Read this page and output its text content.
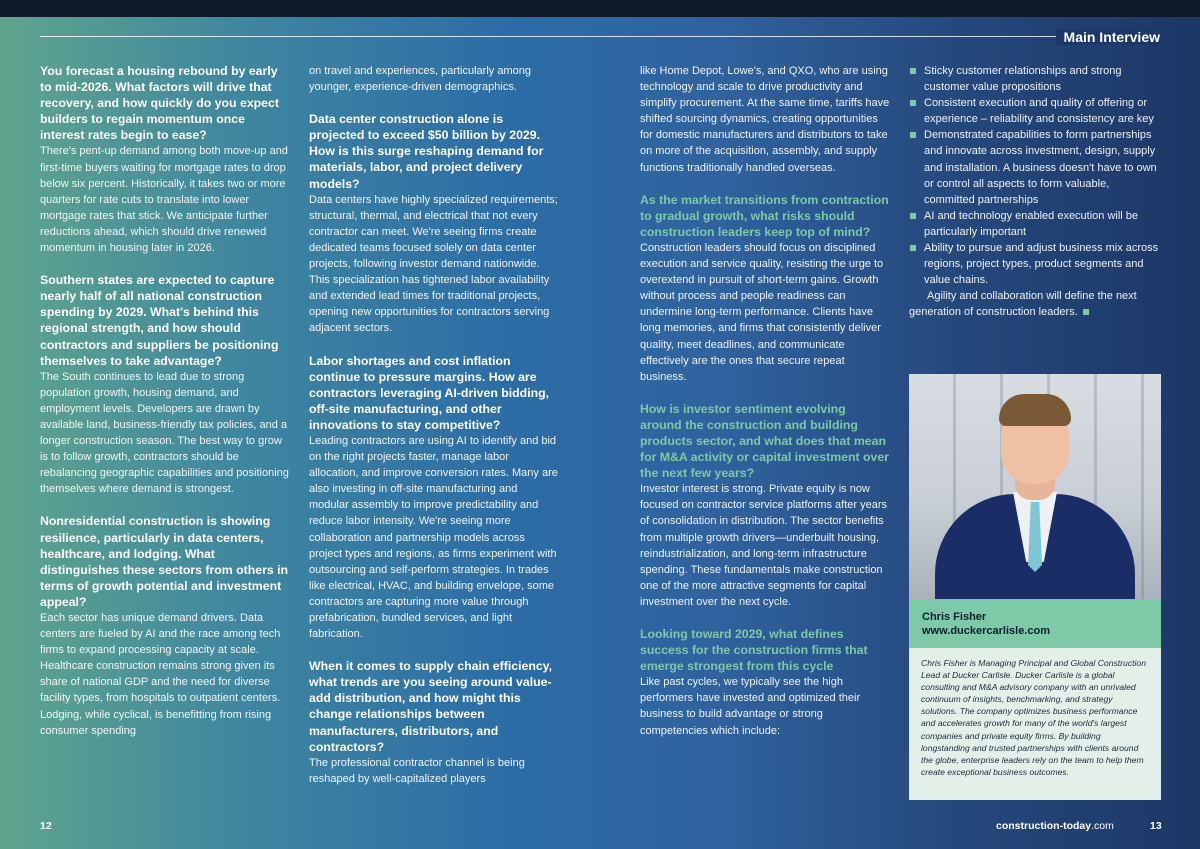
Main Interview

You forecast a housing rebound by early to mid-2026. What factors will drive that recovery, and how quickly do you expect builders to regain momentum once interest rates begin to ease?

There's pent-up demand among both move-up and first-time buyers waiting for mortgage rates to drop below six percent. Historically, it takes two or more quarters for rate cuts to translate into lower mortgage rates that stick. We anticipate further reductions ahead, which should drive renewed momentum in housing later in 2026.

Southern states are expected to capture nearly half of all national construction spending by 2029. What's behind this regional strength, and how should contractors and suppliers be positioning themselves to take advantage?

The South continues to lead due to strong population growth, housing demand, and employment levels. Developers are drawn by available land, business-friendly tax policies, and a longer construction season. The best way to grow is to follow growth, contractors should be rebalancing geographic capabilities and positioning themselves where demand is strongest.

Nonresidential construction is showing resilience, particularly in data centers, healthcare, and lodging. What distinguishes these sectors from others in terms of growth potential and investment appeal?

Each sector has unique demand drivers. Data centers are fueled by AI and the race among tech firms to expand processing capacity at scale. Healthcare construction remains strong given its share of national GDP and the need for diverse facility types, from hospitals to outpatient centers. Lodging, while cyclical, is benefitting from rising consumer spending

on travel and experiences, particularly among younger, experience-driven demographics.

Data center construction alone is projected to exceed $50 billion by 2029. How is this surge reshaping demand for materials, labor, and project delivery models?

Data centers have highly specialized requirements; structural, thermal, and electrical that not every contractor can meet. We're seeing firms create dedicated teams focused solely on data center projects, following investor demand nationwide. This specialization has tightened labor availability and extended lead times for traditional projects, opening new opportunities for contractors serving adjacent sectors.

Labor shortages and cost inflation continue to pressure margins. How are contractors leveraging AI-driven bidding, off-site manufacturing, and other innovations to stay competitive?

Leading contractors are using AI to identify and bid on the right projects faster, manage labor allocation, and improve conversion rates. Many are also investing in off-site manufacturing and modular assembly to improve predictability and reduce labor intensity. We're seeing more collaboration and partnership models across project types and regions, as firms experiment with outsourcing and self-perform strategies. In trades like electrical, HVAC, and building envelope, some contractors are capturing more value through prefabrication, bundled services, and light fabrication.

When it comes to supply chain efficiency, what trends are you seeing around value-add distribution, and how might this change relationships between manufacturers, distributors, and contractors?

The professional contractor channel is being reshaped by well-capitalized players

like Home Depot, Lowe's, and QXO, who are using technology and scale to drive productivity and simplify procurement. At the same time, tariffs have shifted sourcing dynamics, creating opportunities for domestic manufacturers and distributors to take on more of the acquisition, assembly, and supply functions traditionally handled overseas.

As the market transitions from contraction to gradual growth, what risks should construction leaders keep top of mind?

Construction leaders should focus on disciplined execution and service quality, resisting the urge to overextend in pursuit of short-term gains. Growth without process and people readiness can undermine long-term performance. Clients have long memories, and firms that consistently deliver quality, meet deadlines, and communicate effectively are the ones that secure repeat business.

How is investor sentiment evolving around the construction and building products sector, and what does that mean for M&A activity or capital investment over the next few years?

Investor interest is strong. Private equity is now focused on contractor service platforms after years of consolidation in distribution. The sector benefits from multiple growth drivers—underbuilt housing, reindustrialization, and long-term infrastructure spending. These fundamentals make construction one of the more attractive segments for capital investment over the next cycle.

Looking toward 2029, what defines success for the construction firms that emerge strongest from this cycle

Like past cycles, we typically see the high performers have invested and optimized their business to build advantage or strong competencies which include:

Sticky customer relationships and strong customer value propositions
Consistent execution and quality of offering or experience – reliability and consistency are key
Demonstrated capabilities to form partnerships and innovate across investment, design, supply and installation. A business doesn't have to own or control all aspects to form valuable, committed partnerships
AI and technology enabled execution will be particularly important
Ability to pursue and adjust business mix across regions, project types, product segments and value chains.

Agility and collaboration will define the next generation of construction leaders.

Chris Fisher
www.duckercarlisle.com

Chris Fisher is Managing Principal and Global Construction Lead at Ducker Carlisle. Ducker Carlisle is a global consulting and M&A advisory company with an unrivaled continuum of insights, benchmarking, and strategy solutions. The company optimizes business performance and accelerates growth for many of the world's largest companies and private equity firms. By building longstanding and trusted partnerships with clients around the globe, enterprise leaders rely on the team to help them create exceptional business outcomes.

12	construction-today.com	13
